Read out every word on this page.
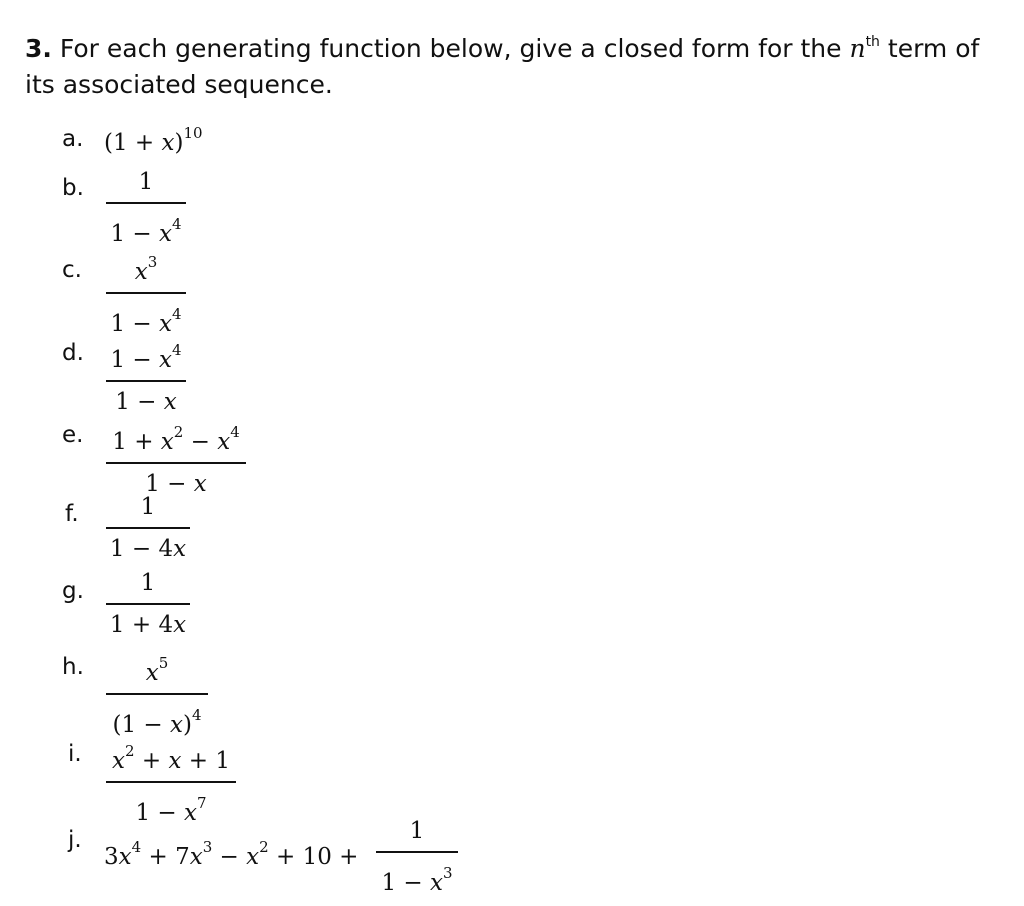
3. For each generating function below, give a closed form for the $n^{th}$ term of its associated sequence.
a. $(1 + x)^{10}$
b. 1
$1 - x^4$
c. $x^3$
$1 - x^4$
d. $1 - x^4$
1 − x
e. $1 + x^2 - x^4$
1 − x
f.	1
1 − 4x
g. 1
1 + 4x
h.	$x^5$
$(1 - x)^4$
i. $x^2 + x + 1$
$1 - x^7$
j.
$3x^4 + 7x^3 - x^2 + 10$ +
1
$1 - x^3$
